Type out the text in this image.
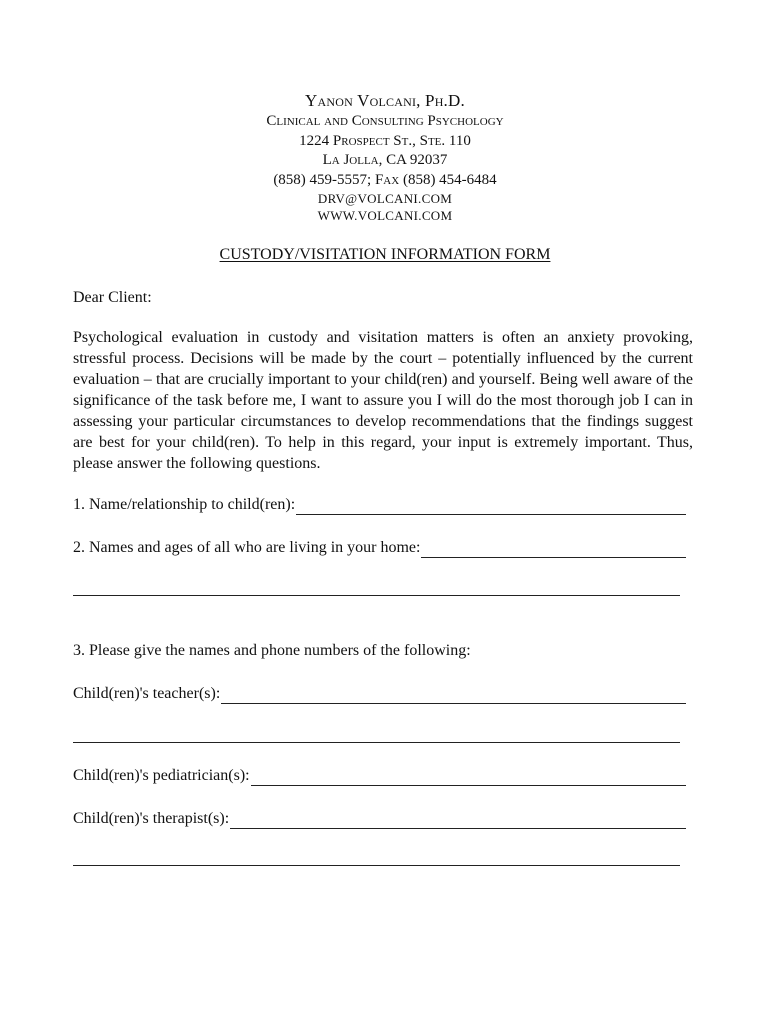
Yanon Volcani, Ph.D.
Clinical and Consulting Psychology
1224 Prospect St., Ste. 110
La Jolla, CA 92037
(858) 459-5557; Fax (858) 454-6484
DRV@VOLCANI.COM
WWW.VOLCANI.COM
CUSTODY/VISITATION INFORMATION FORM
Dear Client:
Psychological evaluation in custody and visitation matters is often an anxiety provoking, stressful process. Decisions will be made by the court – potentially influenced by the current evaluation – that are crucially important to your child(ren) and yourself. Being well aware of the significance of the task before me, I want to assure you I will do the most thorough job I can in assessing your particular circumstances to develop recommendations that the findings suggest are best for your child(ren). To help in this regard, your input is extremely important. Thus, please answer the following questions.
1. Name/relationship to child(ren):
2. Names and ages of all who are living in your home:
3. Please give the names and phone numbers of the following:
Child(ren)'s teacher(s):
Child(ren)'s pediatrician(s):
Child(ren)'s therapist(s):
